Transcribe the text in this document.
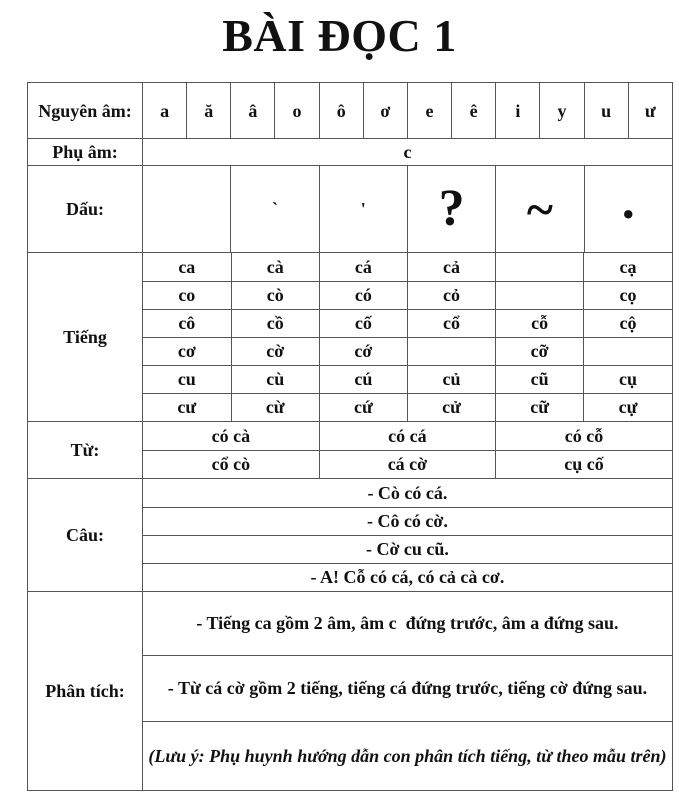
BÀI ĐỌC 1
Nguyên âm:	a	ă	â	o	ô	ơ	e	ê	i	y	u	ư
Phụ âm:	c
Dấu:		`	'	?	~	.
Tiếng	
ca	cà	cá	cả		cạ
co	cò	có	cỏ		cọ
cô	cồ	cố	cổ	cỗ	cộ
cơ	cờ	cớ		cỡ	
cu	cù	cú	củ	cũ	cụ
cư	cừ	cứ	cử	cữ	cự

Từ:	
có cà	có cá	có cỗ
cổ cò	cá cờ	cụ cố

Câu:	
- Cò có cá.
- Cô có cờ.
- Cờ cu cũ.
- A! Cỗ có cá, có cả cà cơ.

Phân tích:	
- Tiếng ca gồm 2 âm, âm c  đứng trước, âm a đứng sau.
- Từ cá cờ gồm 2 tiếng, tiếng cá đứng trước, tiếng cờ đứng sau.
(Lưu ý: Phụ huynh hướng dẫn con phân tích tiếng, từ theo mẫu trên)
